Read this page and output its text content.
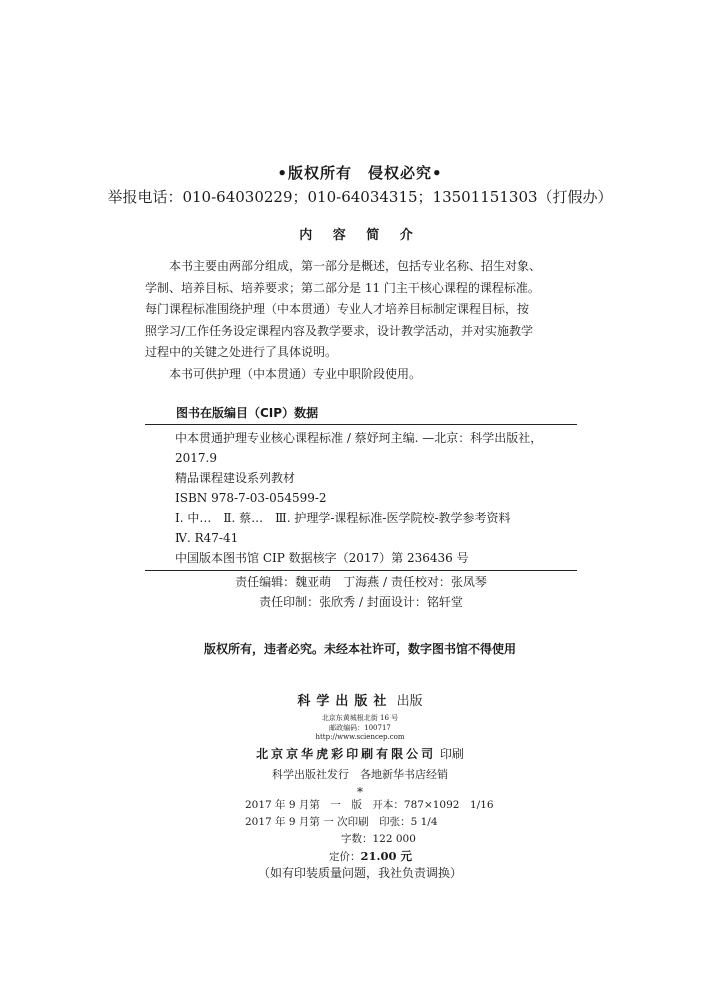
•版权所有　侵权必究•
举报电话：010-64030229；010-64034315；13501151303（打假办）
内 容 简 介

本书主要由两部分组成，第一部分是概述，包括专业名称、招生对象、

学制、培养目标、培养要求；第二部分是 11 门主干核心课程的课程标准。

每门课程标准围绕护理（中本贯通）专业人才培养目标制定课程目标，按

照学习/工作任务设定课程内容及教学要求，设计教学活动，并对实施教学

过程中的关键之处进行了具体说明。

本书可供护理（中本贯通）专业中职阶段使用。

图书在版编目（CIP）数据
中本贯通护理专业核心课程标准 / 蔡妤珂主编. —北京：科学出版社，
2017.9
精品课程建设系列教材
ISBN 978-7-03-054599-2
Ⅰ. 中…　Ⅱ. 蔡…　Ⅲ. 护理学-课程标准-医学院校-教学参考资料
Ⅳ. R47-41
中国版本图书馆 CIP 数据核字（2017）第 236436 号
责任编辑：魏亚萌　丁海燕 / 责任校对：张凤琴
责任印制：张欣秀 / 封面设计：铭轩堂
版权所有，违者必究。未经本社许可，数字图书馆不得使用
科学出版社 出版
北京东黄城根北街 16 号
邮政编码：100717
http://www.sciencep.com
北京京华虎彩印刷有限公司 印刷
科学出版社发行　各地新华书店经销
*
2017 年 9 月第　一　版　开本：787×1092　1/16
2017 年 9 月第 一 次印刷　印张：5 1/4
字数：122 000
定价：21.00 元
（如有印装质量问题，我社负责调换）
